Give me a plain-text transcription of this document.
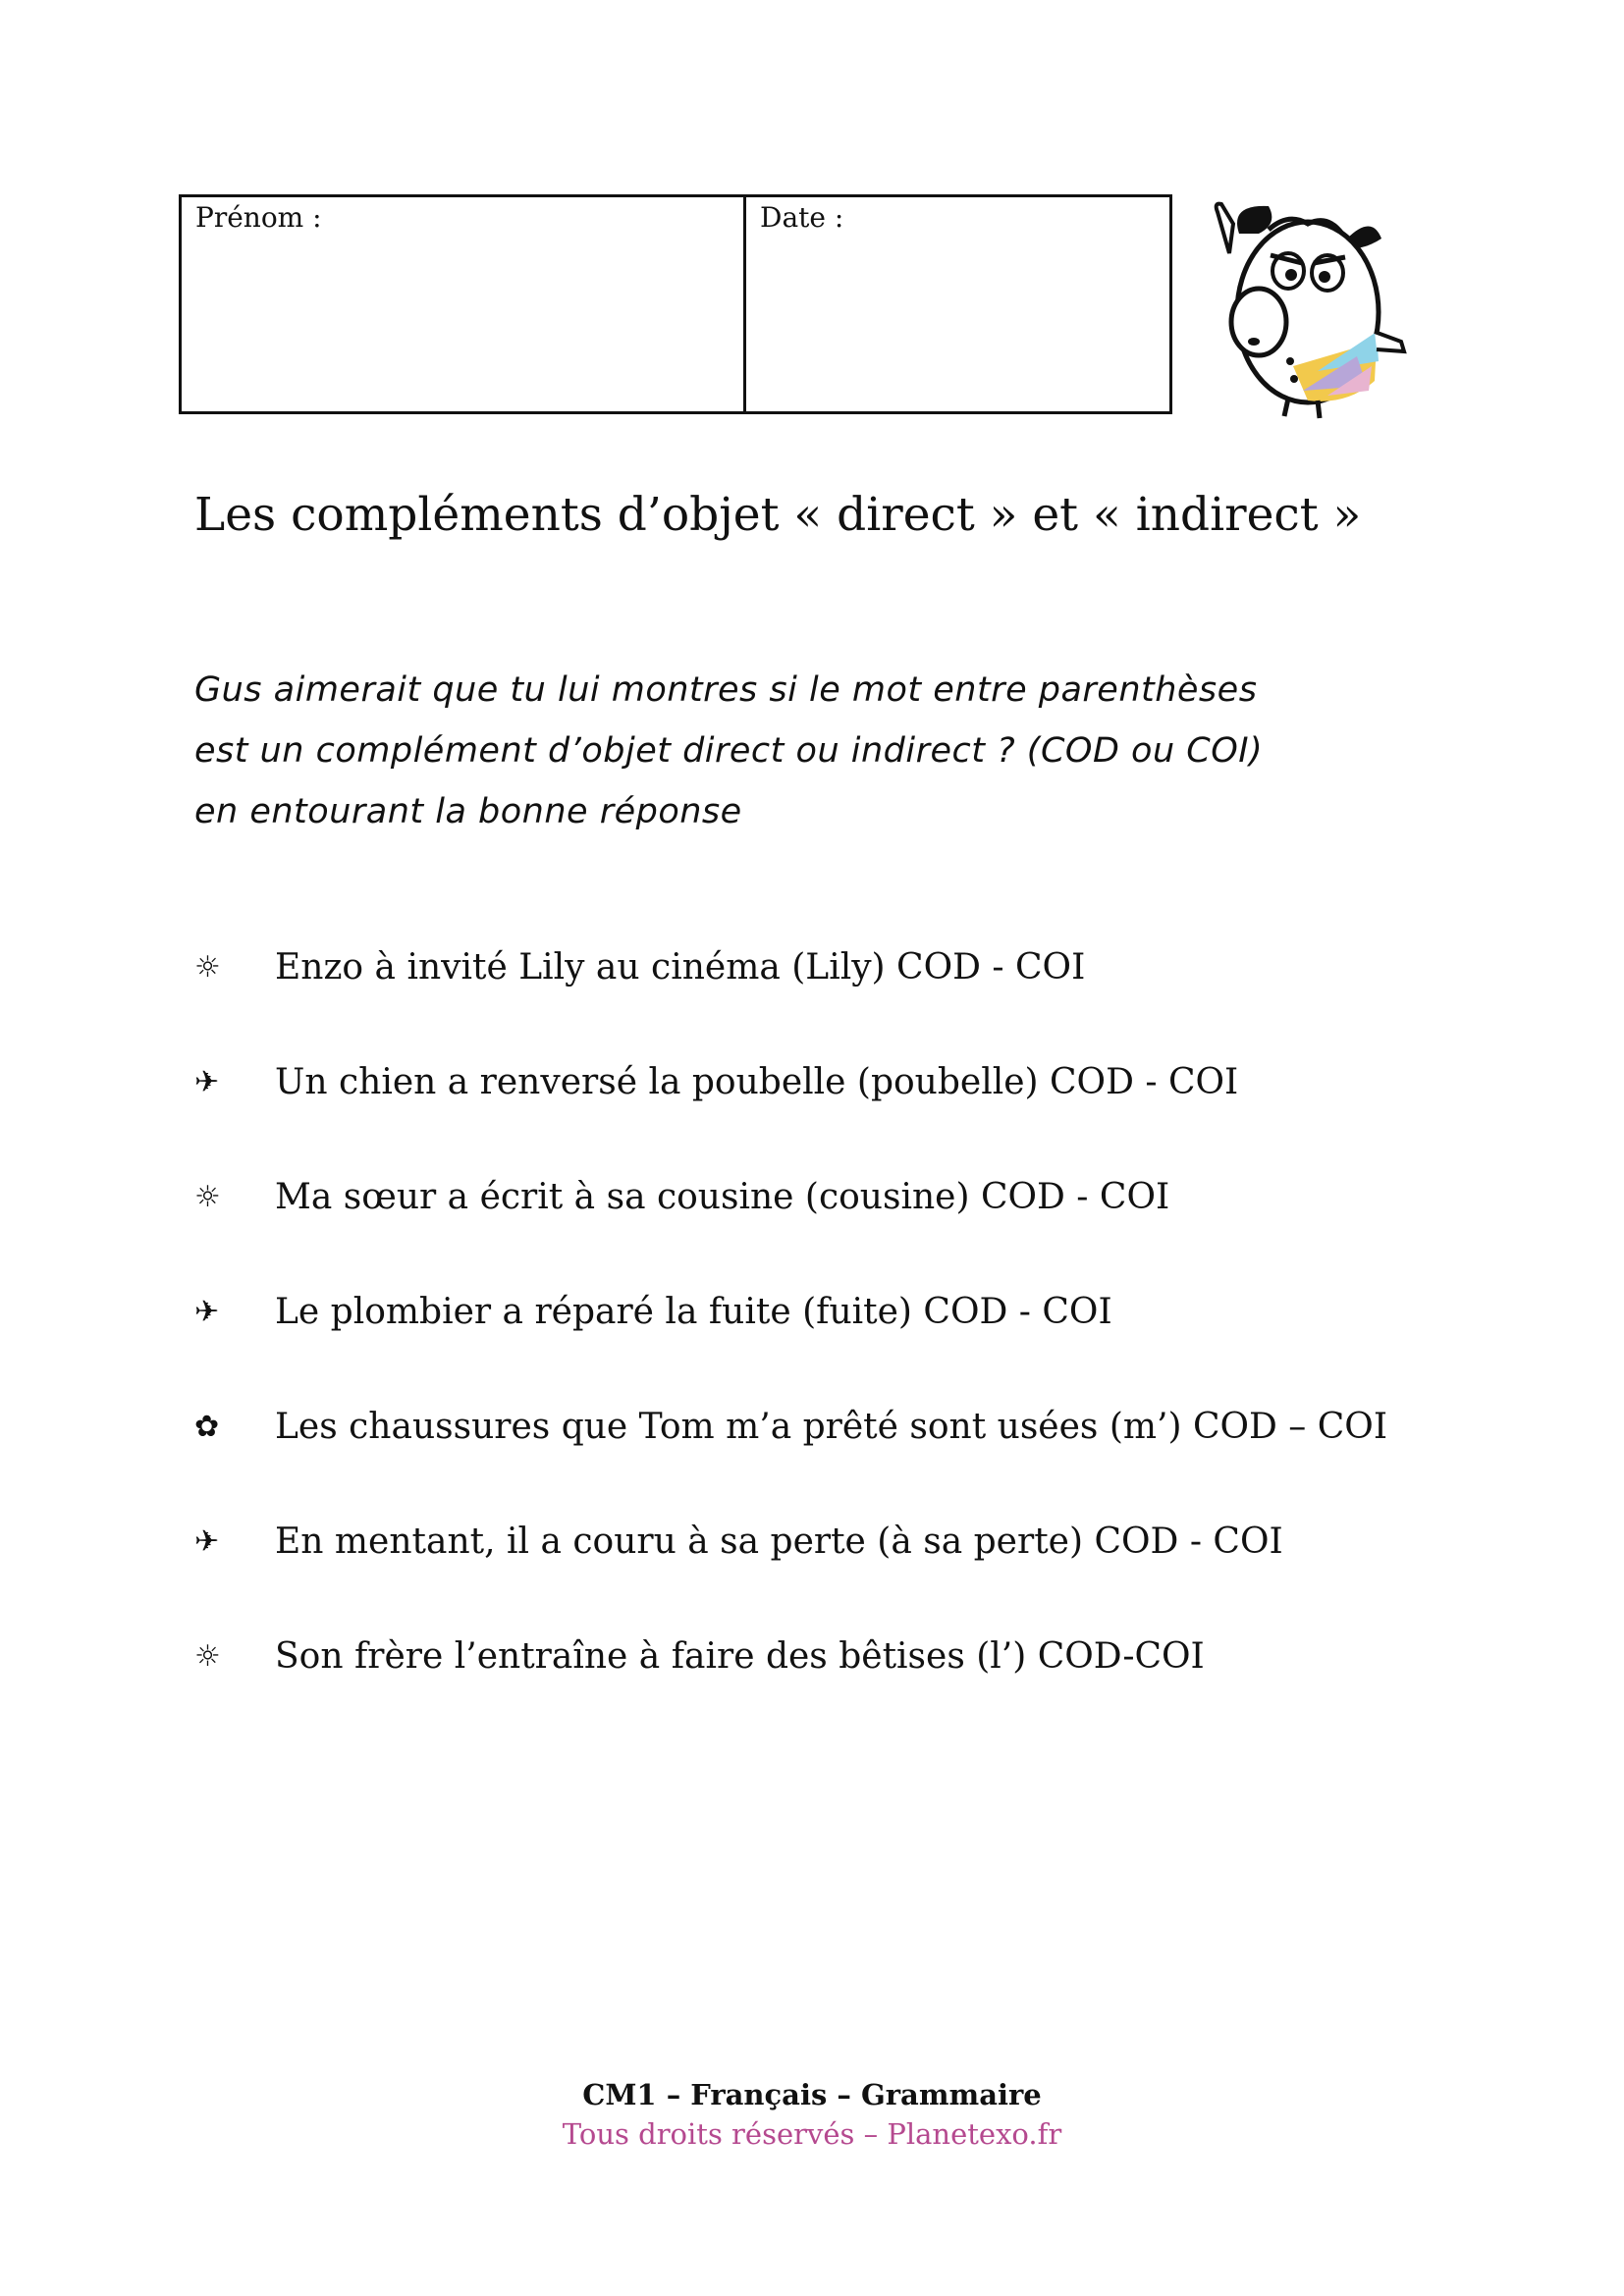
Prénom :	Date :
Les compléments d’objet « direct » et « indirect »
Gus aimerait que tu lui montres si le mot entre parenthèses
est un complément d’objet direct ou indirect ? (COD ou COI)
en entourant la bonne réponse
☼	Enzo à invité Lily au cinéma (Lily) COD - COI
✈	Un chien a renversé la poubelle (poubelle) COD - COI
☼	Ma sœur a écrit à sa cousine (cousine) COD - COI
✈	Le plombier a réparé la fuite (fuite) COD - COI
✿	Les chaussures que Tom m’a prêté sont usées (m’) COD – COI
✈	En mentant, il a couru à sa perte (à sa perte) COD - COI
☼	Son frère l’entraîne à faire des bêtises (l’) COD-COI
CM1 – Français – Grammaire
Tous droits réservés – Planetexo.fr
